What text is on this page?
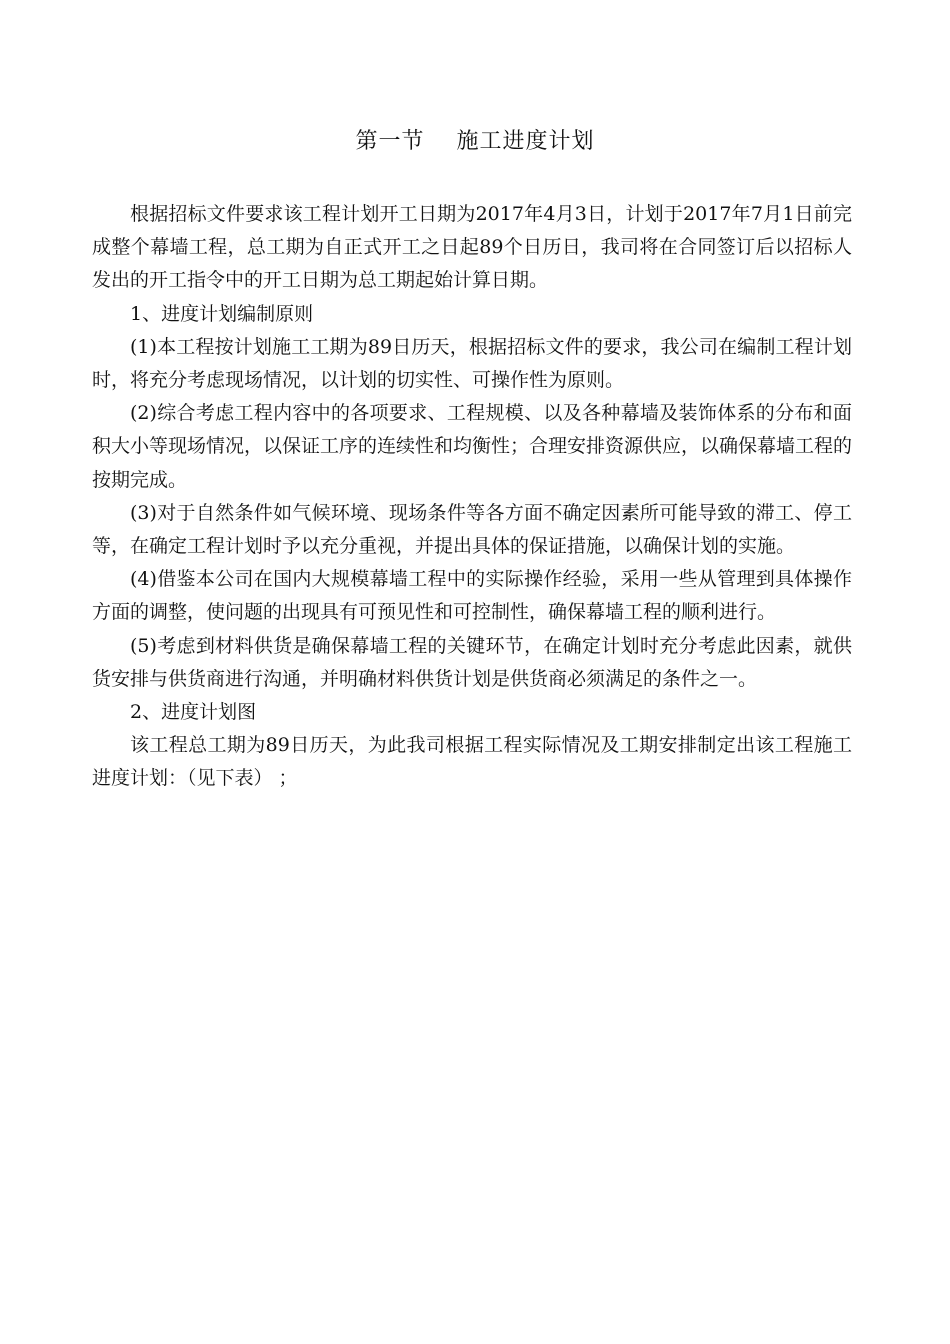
第一节    施工进度计划

根据招标文件要求该工程计划开工日期为2017年4月3日，计划于2017年7月1日前完成整个幕墙工程，总工期为自正式开工之日起89个日历日，我司将在合同签订后以招标人发出的开工指令中的开工日期为总工期起始计算日期。

1、进度计划编制原则

(1)本工程按计划施工工期为89日历天，根据招标文件的要求，我公司在编制工程计划时，将充分考虑现场情况，以计划的切实性、可操作性为原则。

(2)综合考虑工程内容中的各项要求、工程规模、以及各种幕墙及装饰体系的分布和面积大小等现场情况，以保证工序的连续性和均衡性；合理安排资源供应，以确保幕墙工程的按期完成。

(3)对于自然条件如气候环境、现场条件等各方面不确定因素所可能导致的滞工、停工等，在确定工程计划时予以充分重视，并提出具体的保证措施，以确保计划的实施。

(4)借鉴本公司在国内大规模幕墙工程中的实际操作经验，采用一些从管理到具体操作方面的调整，使问题的出现具有可预见性和可控制性，确保幕墙工程的顺利进行。

(5)考虑到材料供货是确保幕墙工程的关键环节，在确定计划时充分考虑此因素，就供货安排与供货商进行沟通，并明确材料供货计划是供货商必须满足的条件之一。

2、进度计划图

该工程总工期为89日历天，为此我司根据工程实际情况及工期安排制定出该工程施工进度计划：（见下表） ；
